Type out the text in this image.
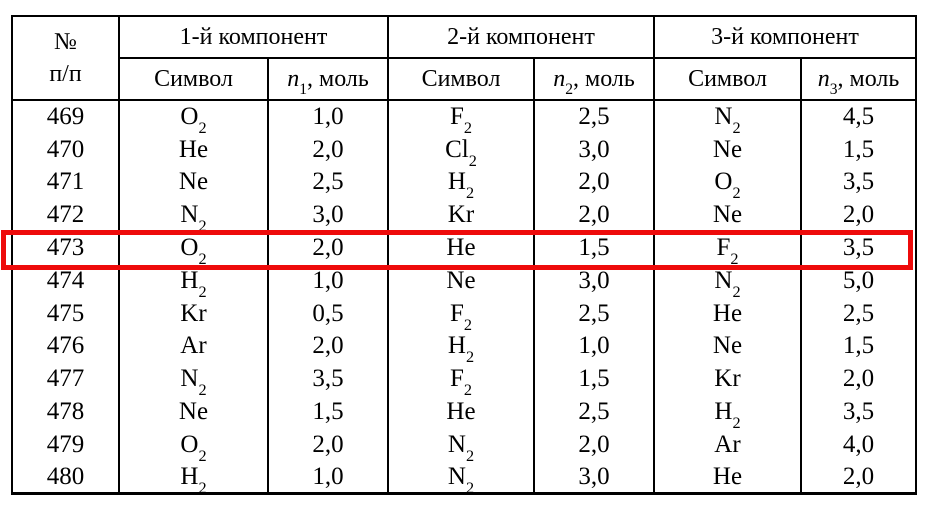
№
п/п	1-й компонент		2-й компонент		3-й компонент	
	Символ	$n_1$, моль	Символ	$n_2$, моль	Символ	$n_3$, моль
469	$O_2$	1,0	$F_2$	2,5	$N_2$	4,5
470	He	2,0	$Cl_2$	3,0	Ne	1,5
471	Ne	2,5	$H_2$	2,0	$O_2$	3,5
472	$N_2$	3,0	Kr	2,0	Ne	2,0
473	$O_2$	2,0	He	1,5	$F_2$	3,5
474	$H_2$	1,0	Ne	3,0	$N_2$	5,0
475	Kr	0,5	$F_2$	2,5	He	2,5
476	Ar	2,0	$H_2$	1,0	Ne	1,5
477	$N_2$	3,5	$F_2$	1,5	Kr	2,0
478	Ne	1,5	He	2,5	$H_2$	3,5
479	$O_2$	2,0	$N_2$	2,0	Ar	4,0
480	$H_2$	1,0	$N_2$	3,0	He	2,0
